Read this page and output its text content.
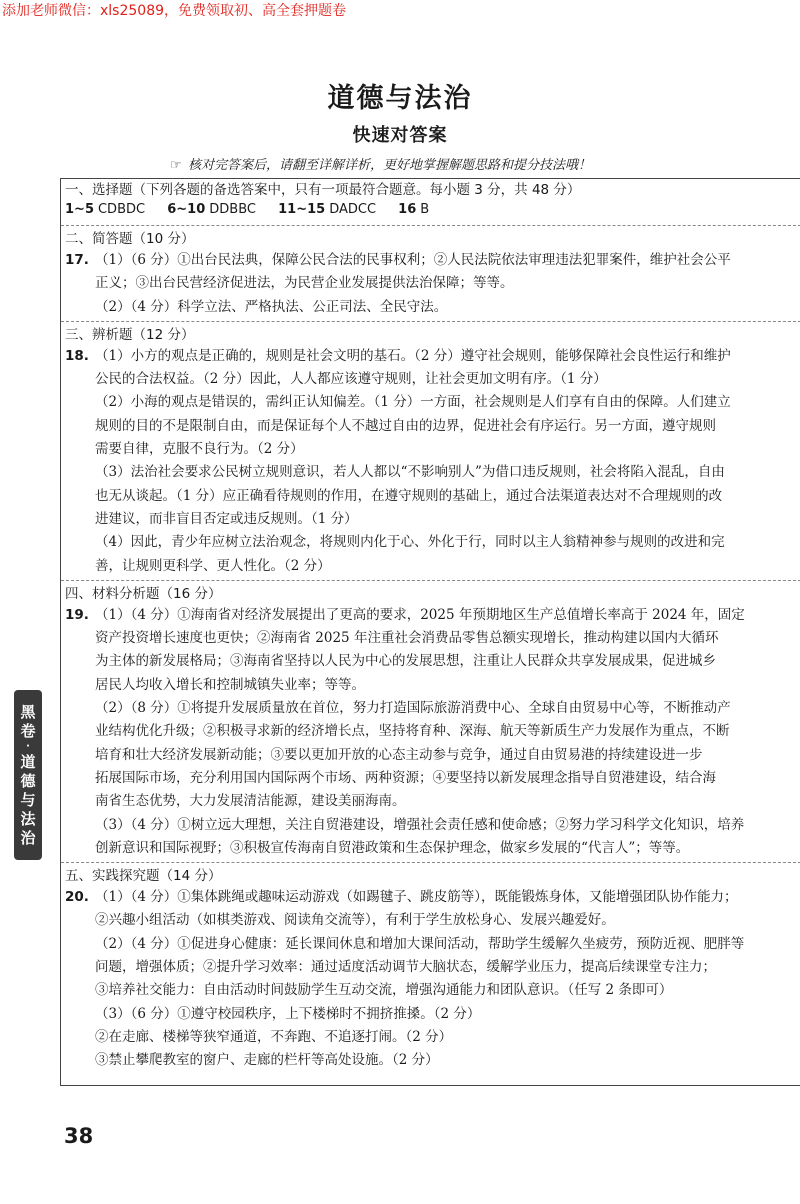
添加老师微信：xls25089，免费领取初、高全套押题卷
道德与法治
快速对答案
☞ 核对完答案后，请翻至详解详析，更好地掌握解题思路和提分技法哦！
黑
卷
·
道
德
与
法
治
一、选择题（下列各题的备选答案中，只有一项最符合题意。每小题 3 分，共 48 分）
1~5 CDBDC 6~10 DDBBC 11~15 DADCC 16 B
二、简答题（10 分）
17. （1）（6 分）①出台民法典，保障公民合法的民事权利；②人民法院依法审理违法犯罪案件，维护社会公平
正义；③出台民营经济促进法，为民营企业发展提供法治保障；等等。
（2）（4 分）科学立法、严格执法、公正司法、全民守法。
三、辨析题（12 分）
18. （1）小方的观点是正确的，规则是社会文明的基石。（2 分）遵守社会规则，能够保障社会良性运行和维护
公民的合法权益。（2 分）因此，人人都应该遵守规则，让社会更加文明有序。（1 分）
（2）小海的观点是错误的，需纠正认知偏差。（1 分）一方面，社会规则是人们享有自由的保障。人们建立
规则的目的不是限制自由，而是保证每个人不越过自由的边界，促进社会有序运行。另一方面，遵守规则
需要自律，克服不良行为。（2 分）
（3）法治社会要求公民树立规则意识，若人人都以“不影响别人”为借口违反规则，社会将陷入混乱，自由
也无从谈起。（1 分）应正确看待规则的作用，在遵守规则的基础上，通过合法渠道表达对不合理规则的改
进建议，而非盲目否定或违反规则。（1 分）
（4）因此，青少年应树立法治观念，将规则内化于心、外化于行，同时以主人翁精神参与规则的改进和完
善，让规则更科学、更人性化。（2 分）
四、材料分析题（16 分）
19. （1）（4 分）①海南省对经济发展提出了更高的要求，2025 年预期地区生产总值增长率高于 2024 年，固定
资产投资增长速度也更快；②海南省 2025 年注重社会消费品零售总额实现增长，推动构建以国内大循环
为主体的新发展格局；③海南省坚持以人民为中心的发展思想，注重让人民群众共享发展成果，促进城乡
居民人均收入增长和控制城镇失业率；等等。
（2）（8 分）①将提升发展质量放在首位，努力打造国际旅游消费中心、全球自由贸易中心等，不断推动产
业结构优化升级；②积极寻求新的经济增长点，坚持将育种、深海、航天等新质生产力发展作为重点，不断
培育和壮大经济发展新动能；③要以更加开放的心态主动参与竞争，通过自由贸易港的持续建设进一步
拓展国际市场，充分利用国内国际两个市场、两种资源；④要坚持以新发展理念指导自贸港建设，结合海
南省生态优势，大力发展清洁能源，建设美丽海南。
（3）（4 分）①树立远大理想，关注自贸港建设，增强社会责任感和使命感；②努力学习科学文化知识，培养
创新意识和国际视野；③积极宣传海南自贸港政策和生态保护理念，做家乡发展的“代言人”；等等。
五、实践探究题（14 分）
20. （1）（4 分）①集体跳绳或趣味运动游戏（如踢毽子、跳皮筋等），既能锻炼身体，又能增强团队协作能力；
②兴趣小组活动（如棋类游戏、阅读角交流等），有利于学生放松身心、发展兴趣爱好。
（2）（4 分）①促进身心健康：延长课间休息和增加大课间活动，帮助学生缓解久坐疲劳，预防近视、肥胖等
问题，增强体质；②提升学习效率：通过适度活动调节大脑状态，缓解学业压力，提高后续课堂专注力；
③培养社交能力：自由活动时间鼓励学生互动交流，增强沟通能力和团队意识。（任写 2 条即可）
（3）（6 分）①遵守校园秩序，上下楼梯时不拥挤推搡。（2 分）
②在走廊、楼梯等狭窄通道，不奔跑、不追逐打闹。（2 分）
③禁止攀爬教室的窗户、走廊的栏杆等高处设施。（2 分）
38
